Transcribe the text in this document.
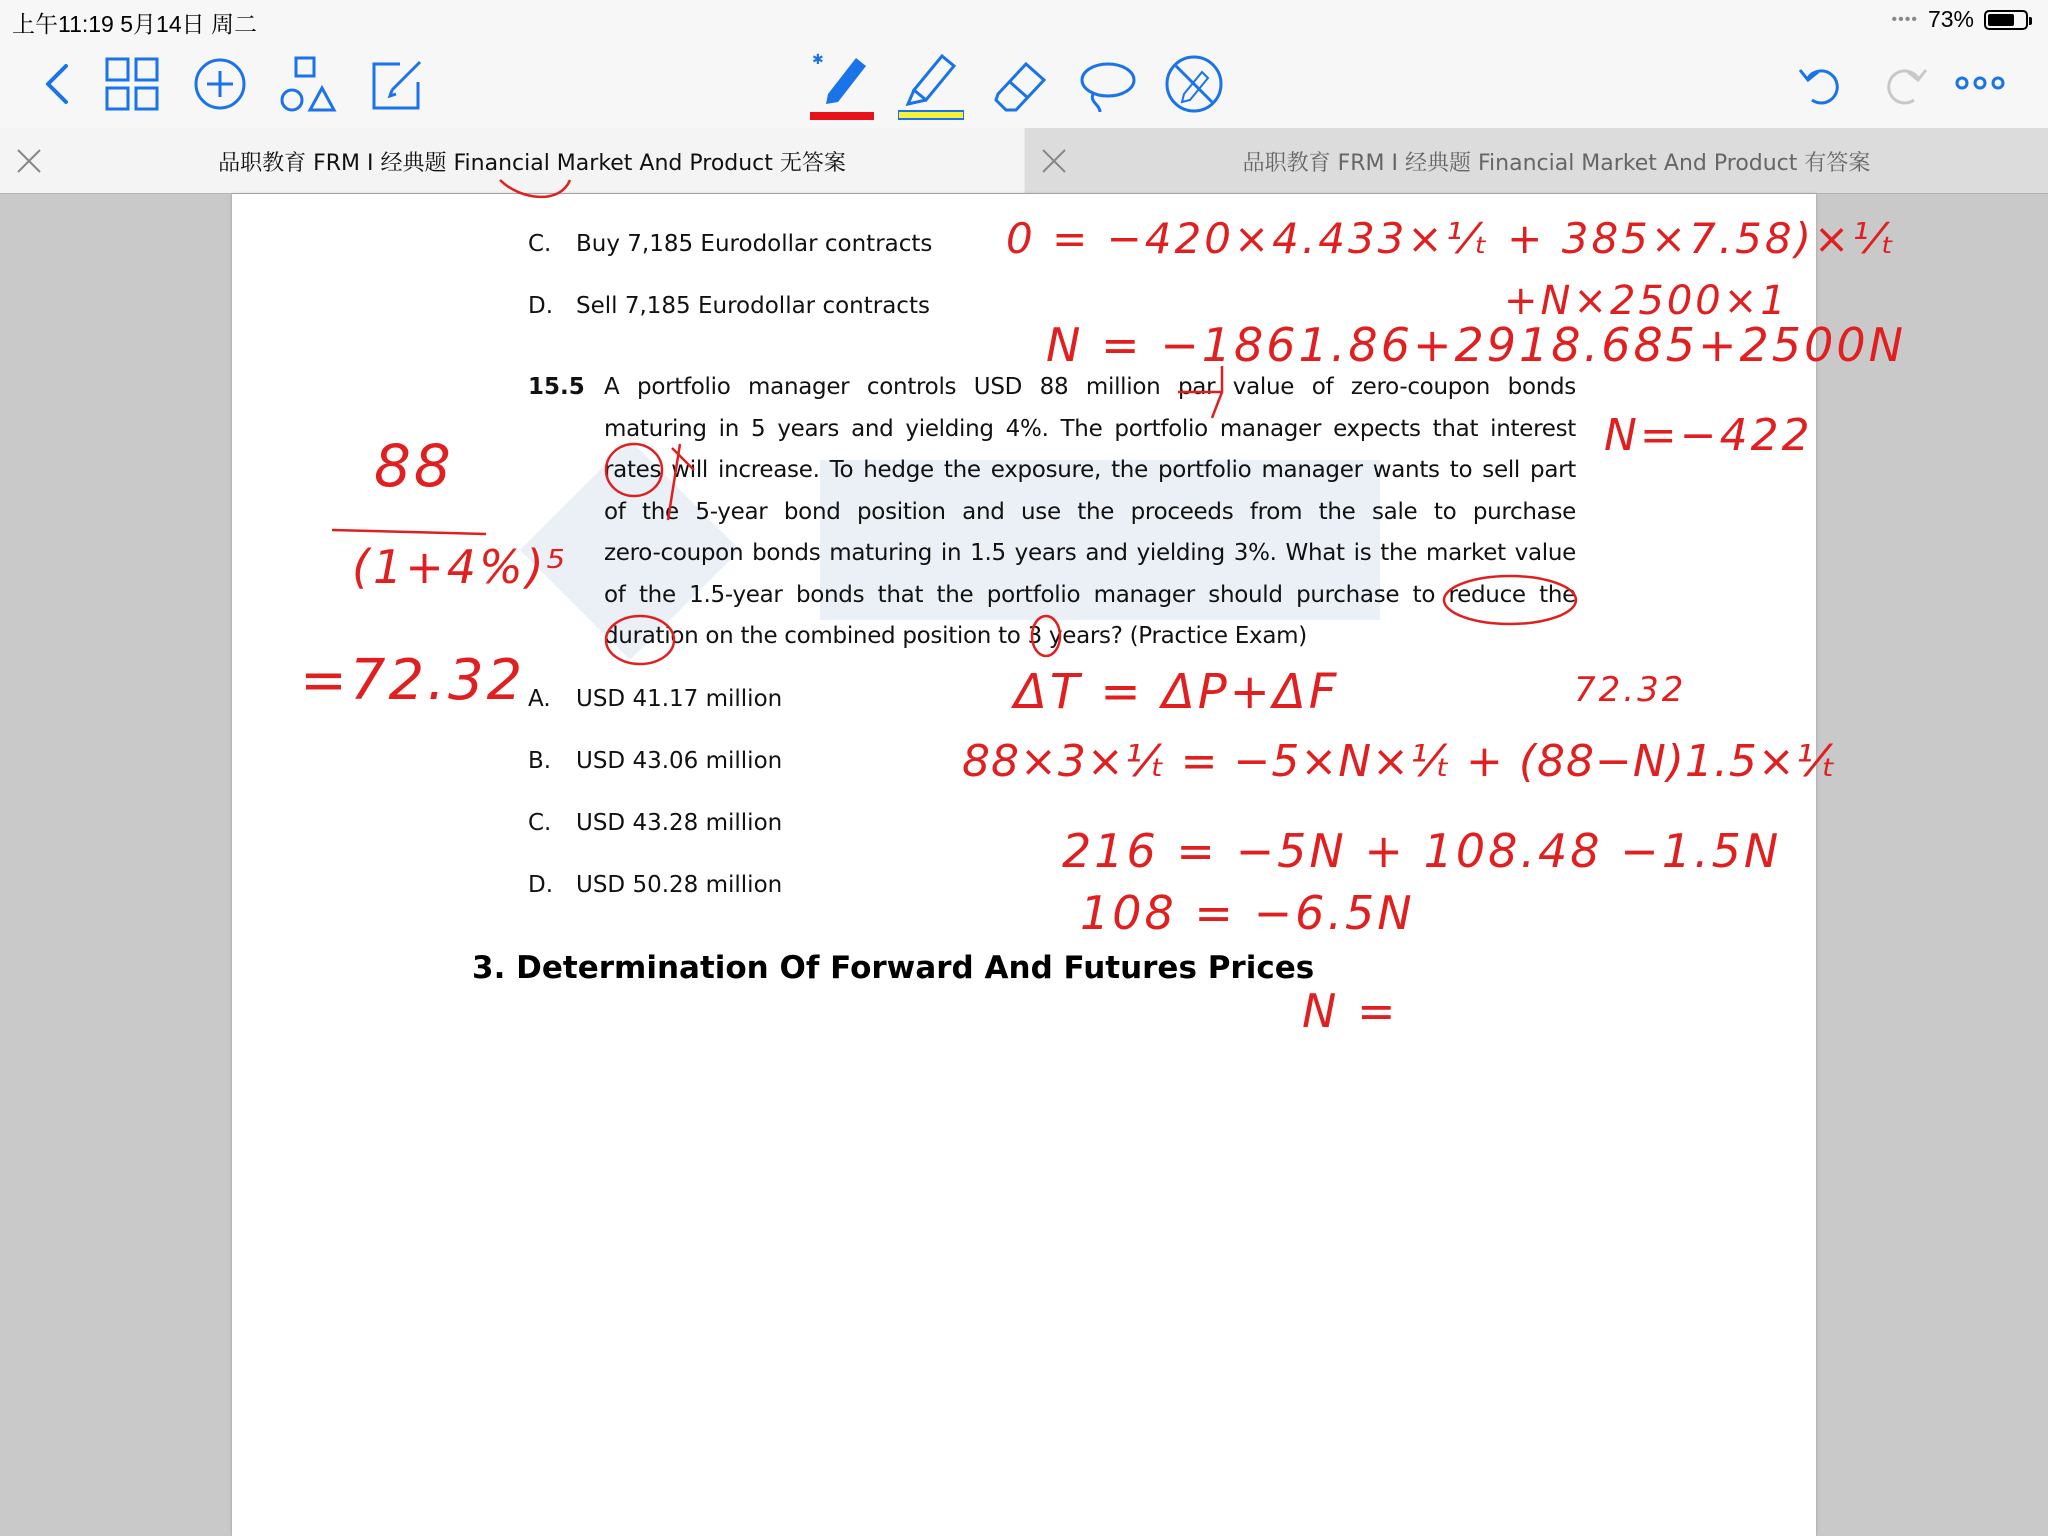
上午11:19 5月14日 周二	•••• 73%
✱
品职教育 FRM I 经典题 Financial Market And Product 无答案	品职教育 FRM I 经典题 Financial Market And Product 有答案
C. Buy 7,185 Eurodollar contracts
D. Sell 7,185 Eurodollar contracts
15.5 A portfolio manager controls USD 88 million par value of zero-coupon bonds
maturing in 5 years and yielding 4%. The portfolio manager expects that interest
rates will increase. To hedge the exposure, the portfolio manager wants to sell part
of the 5-year bond position and use the proceeds from the sale to purchase
zero-coupon bonds maturing in 1.5 years and yielding 3%. What is the market value
of the 1.5-year bonds that the portfolio manager should purchase to reduce the
duration on the combined position to 3 years? (Practice Exam)
A. USD 41.17 million
B. USD 43.06 million
C. USD 43.28 million
D. USD 50.28 million
3. Determination Of Forward And Futures Prices
88
(1+4%)⁵
=72.32
0 = −420×4.433×¹⁄ₜ + 385×7.58)×¹⁄ₜ
+N×2500×1
N = −1861.86+2918.685+2500N
N=−422
ΔT = ΔP+ΔF	72.32
88×3×¹⁄ₜ = −5×N×¹⁄ₜ + (88−N)1.5×¹⁄ₜ
216 = −5N + 108.48 −1.5N
108 = −6.5N
N =
